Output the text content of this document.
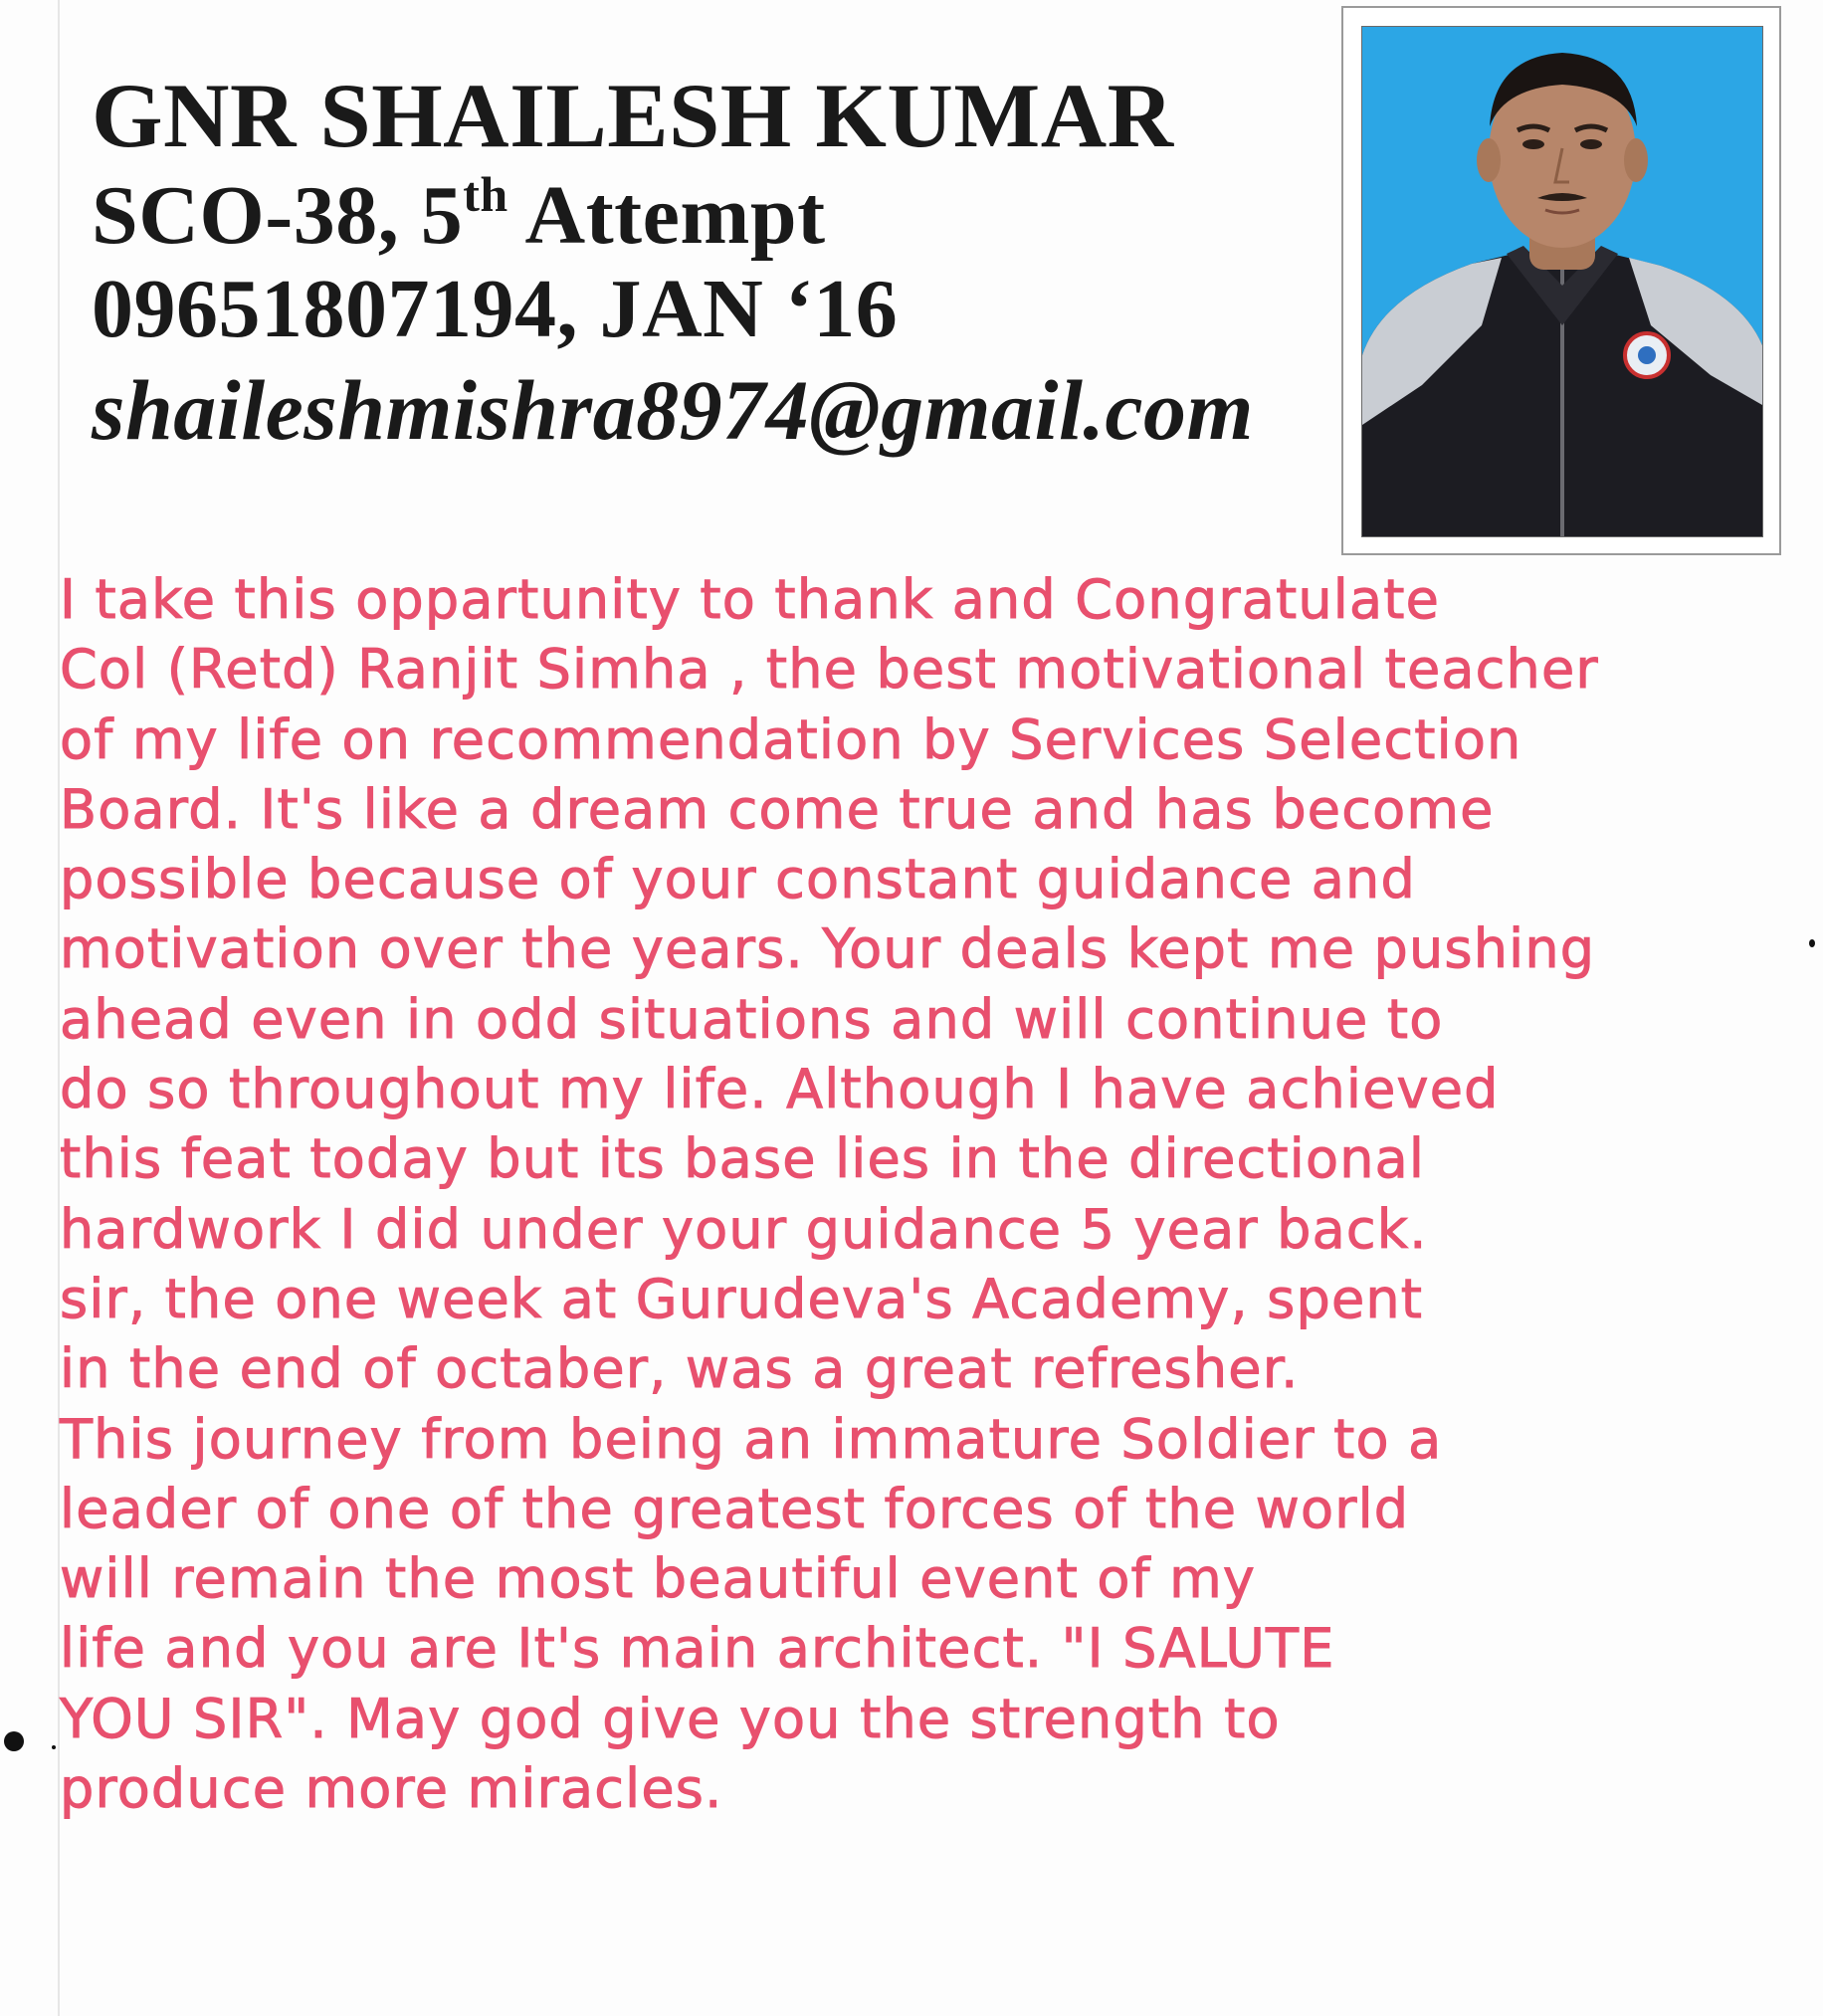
GNR SHAILESH KUMAR
SCO-38, 5th Attempt
09651807194, JAN ‘16
shaileshmishra8974@gmail.com
I take this oppartunity to thank and Congratulate
Col (Retd) Ranjit Simha , the best motivational teacher
of my life on recommendation by Services Selection
Board. It's like a dream come true and has become
possible because of your constant guidance and
motivation over the years. Your deals kept me pushing
ahead even in odd situations and will continue to
do so throughout my life. Although I have achieved
this feat today but its base lies in the directional
hardwork I did under your guidance 5 year back.
sir, the one week at Gurudeva's Academy, spent
in the end of octaber, was a great refresher.
This journey from being an immature Soldier to a
leader of one of the greatest forces of the world
will remain the most beautiful event of my
life and you are It's main architect. "I SALUTE
YOU SIR". May god give you the strength to
produce more miracles.
